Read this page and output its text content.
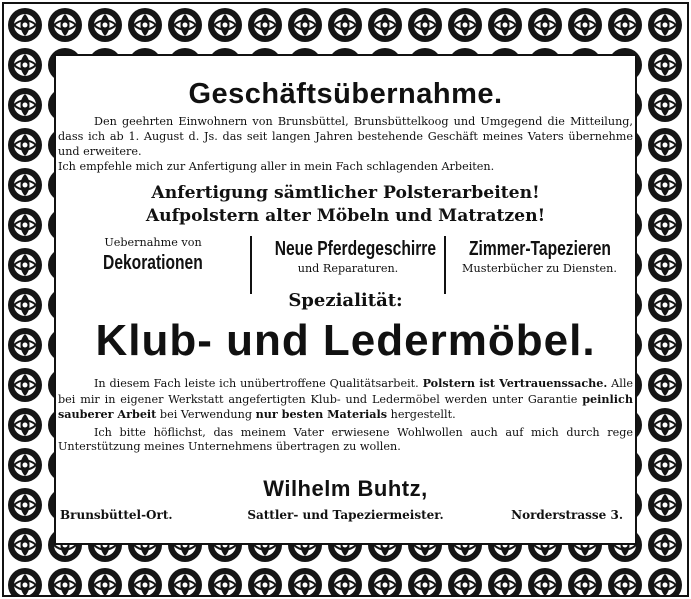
Geschäftsübernahme.

Den geehrten Einwohnern von Brunsbüttel, Brunsbüttelkoog und Umgegend die Mitteilung, dass ich ab 1. August d. Js. das seit langen Jahren bestehende Geschäft meines Vaters übernehme und erweitere.

Ich empfehle mich zur Anfertigung aller in mein Fach schlagenden Arbeiten.

Anfertigung sämtlicher Polsterarbeiten!
Aufpolstern alter Möbeln und Matratzen!
Uebernahme von
Dekorationen
Neue Pferdegeschirre
und Reparaturen.
Zimmer-Tapezieren
Musterbücher zu Diensten.
Spezialität:
Klub- und Ledermöbel.

In diesem Fach leiste ich unübertroffene Qualitätsarbeit. Polstern ist Vertrauenssache. Alle bei mir in eigener Werkstatt angefertigten Klub- und Ledermöbel werden unter Garantie peinlich sauberer Arbeit bei Verwendung nur besten Materials hergestellt.

Ich bitte höflichst, das meinem Vater erwiesene Wohlwollen auch auf mich durch rege Unterstützung meines Unternehmens übertragen zu wollen.

Wilhelm Buhtz,
Brunsbüttel-Ort.	Sattler- und Tapeziermeister.	Norderstrasse 3.
